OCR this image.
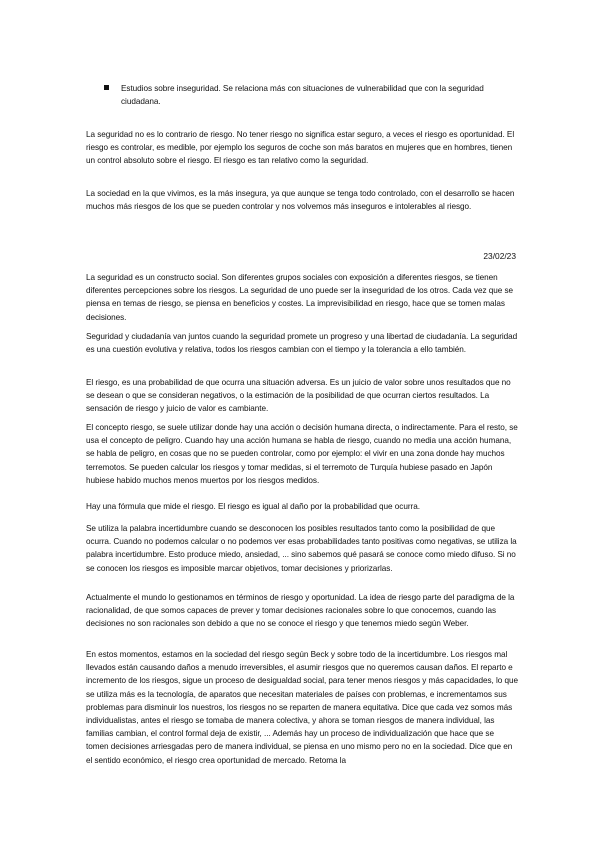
Estudios sobre inseguridad. Se relaciona más con situaciones de vulnerabilidad que con la seguridad ciudadana.

La seguridad no es lo contrario de riesgo. No tener riesgo no significa estar seguro, a veces el riesgo es oportunidad. El riesgo es controlar, es medible, por ejemplo los seguros de coche son más baratos en mujeres que en hombres, tienen un control absoluto sobre el riesgo. El riesgo es tan relativo como la seguridad.

La sociedad en la que vivimos, es la más insegura, ya que aunque se tenga todo controlado, con el desarrollo se hacen muchos más riesgos de los que se pueden controlar y nos volvemos más inseguros e intolerables al riesgo.

23/02/23

La seguridad es un constructo social. Son diferentes grupos sociales con exposición a diferentes riesgos, se tienen diferentes percepciones sobre los riesgos. La seguridad de uno puede ser la inseguridad de los otros. Cada vez que se piensa en temas de riesgo, se piensa en beneficios y costes. La imprevisibilidad en riesgo, hace que se tomen malas decisiones.

Seguridad y ciudadanía van juntos cuando la seguridad promete un progreso y una libertad de ciudadanía. La seguridad es una cuestión evolutiva y relativa, todos los riesgos cambian con el tiempo y la tolerancia a ello también.

El riesgo, es una probabilidad de que ocurra una situación adversa. Es un juicio de valor sobre unos resultados que no se desean o que se consideran negativos, o la estimación de la posibilidad de que ocurran ciertos resultados. La sensación de riesgo y juicio de valor es cambiante.

El concepto riesgo, se suele utilizar donde hay una acción o decisión humana directa, o indirectamente. Para el resto, se usa el concepto de peligro. Cuando hay una acción humana se habla de riesgo, cuando no media una acción humana, se habla de peligro, en cosas que no se pueden controlar, como por ejemplo: el vivir en una zona donde hay muchos terremotos. Se pueden calcular los riesgos y tomar medidas, si el terremoto de Turquía hubiese pasado en Japón hubiese habido muchos menos muertos por los riesgos medidos.

Hay una fórmula que mide el riesgo. El riesgo es igual al daño por la probabilidad que ocurra.

Se utiliza la palabra incertidumbre cuando se desconocen los posibles resultados tanto como la posibilidad de que ocurra. Cuando no podemos calcular o no podemos ver esas probabilidades tanto positivas como negativas, se utiliza la palabra incertidumbre. Esto produce miedo, ansiedad, ... sino sabemos qué pasará se conoce como miedo difuso. Si no se conocen los riesgos es imposible marcar objetivos, tomar decisiones y priorizarlas.

Actualmente el mundo lo gestionamos en términos de riesgo y oportunidad. La idea de riesgo parte del paradigma de la racionalidad, de que somos capaces de prever y tomar decisiones racionales sobre lo que conocemos, cuando las decisiones no son racionales son debido a que no se conoce el riesgo y que tenemos miedo según Weber.

En estos momentos, estamos en la sociedad del riesgo según Beck y sobre todo de la incertidumbre. Los riesgos mal llevados están causando daños a menudo irreversibles, el asumir riesgos que no queremos causan daños. El reparto e incremento de los riesgos, sigue un proceso de desigualdad social, para tener menos riesgos y más capacidades, lo que se utiliza más es la tecnología, de aparatos que necesitan materiales de países con problemas, e incrementamos sus problemas para disminuir los nuestros, los riesgos no se reparten de manera equitativa. Dice que cada vez somos más individualistas, antes el riesgo se tomaba de manera colectiva, y ahora se toman riesgos de manera individual, las familias cambian, el control formal deja de existir, ... Además hay un proceso de individualización que hace que se tomen decisiones arriesgadas pero de manera individual, se piensa en uno mismo pero no en la sociedad. Dice que en el sentido económico, el riesgo crea oportunidad de mercado. Retoma la
